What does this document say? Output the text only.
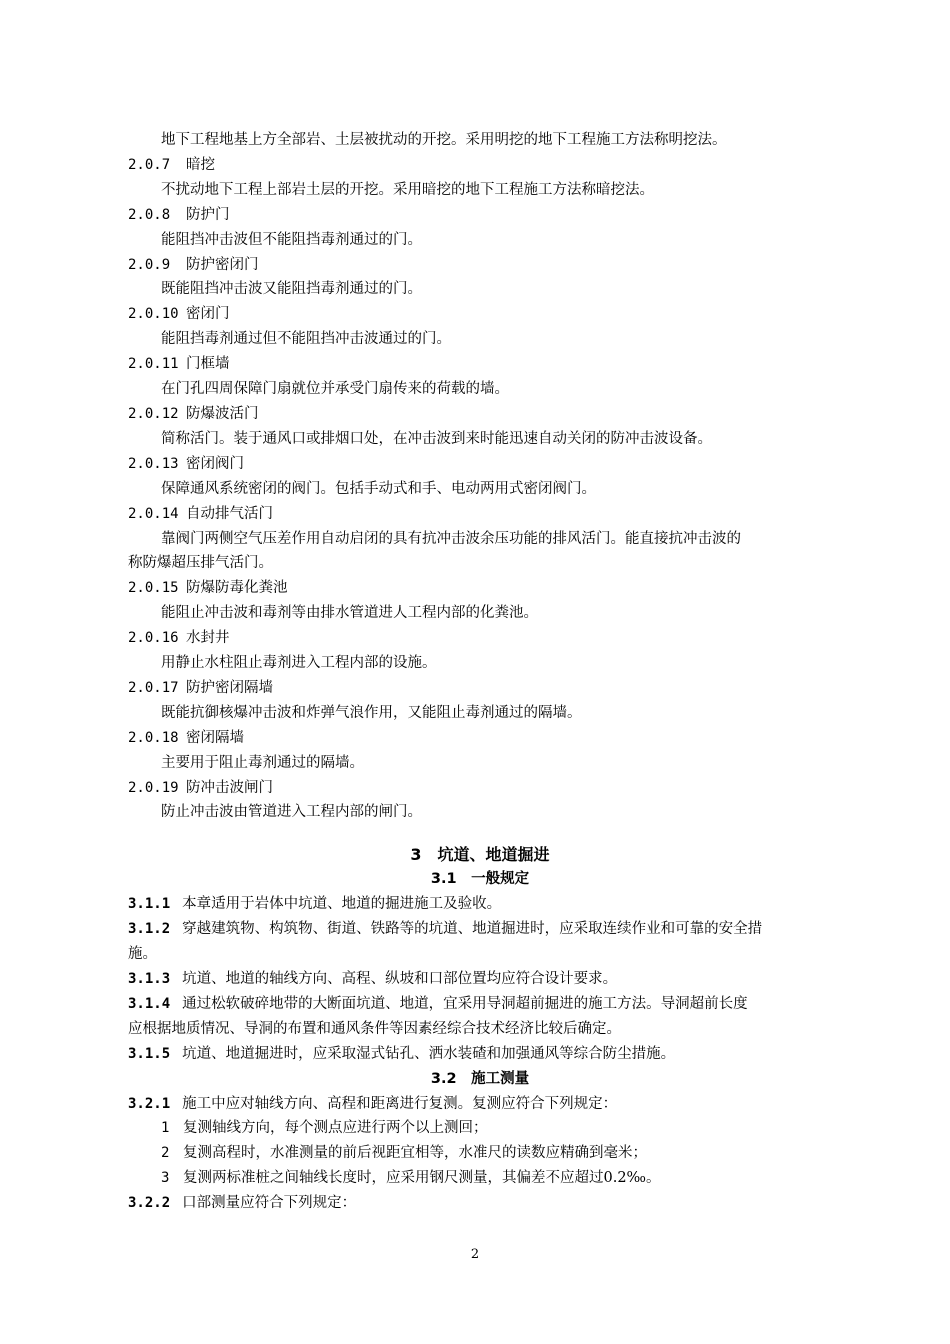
地下工程地基上方全部岩、土层被扰动的开挖。采用明挖的地下工程施工方法称明挖法。
2.0.7 暗挖
不扰动地下工程上部岩土层的开挖。采用暗挖的地下工程施工方法称暗挖法。
2.0.8 防护门
能阻挡冲击波但不能阻挡毒剂通过的门。
2.0.9 防护密闭门
既能阻挡冲击波又能阻挡毒剂通过的门。
2.0.10 密闭门
能阻挡毒剂通过但不能阻挡冲击波通过的门。
2.0.11 门框墙
在门孔四周保障门扇就位并承受门扇传来的荷载的墙。
2.0.12 防爆波活门
简称活门。装于通风口或排烟口处，在冲击波到来时能迅速自动关闭的防冲击波设备。
2.0.13 密闭阀门
保障通风系统密闭的阀门。包括手动式和手、电动两用式密闭阀门。
2.0.14 自动排气活门
靠阀门两侧空气压差作用自动启闭的具有抗冲击波余压功能的排风活门。能直接抗冲击波的
称防爆超压排气活门。
2.0.15 防爆防毒化粪池
能阻止冲击波和毒剂等由排水管道进人工程内部的化粪池。
2.0.16 水封井
用静止水柱阻止毒剂进入工程内部的设施。
2.0.17 防护密闭隔墙
既能抗御核爆冲击波和炸弹气浪作用，又能阻止毒剂通过的隔墙。
2.0.18 密闭隔墙
主要用于阻止毒剂通过的隔墙。
2.0.19 防冲击波闸门
防止冲击波由管道进入工程内部的闸门。
3　坑道、地道掘进
3.1　一般规定
3.1.1 本章适用于岩体中坑道、地道的掘进施工及验收。
3.1.2 穿越建筑物、构筑物、街道、铁路等的坑道、地道掘进时，应采取连续作业和可靠的安全措
施。
3.1.3 坑道、地道的轴线方向、高程、纵坡和口部位置均应符合设计要求。
3.1.4 通过松软破碎地带的大断面坑道、地道，宜采用导洞超前掘进的施工方法。导洞超前长度
应根据地质情况、导洞的布置和通风条件等因素经综合技术经济比较后确定。
3.1.5 坑道、地道掘进时，应采取湿式钻孔、洒水装碴和加强通风等综合防尘措施。
3.2　施工测量
3.2.1 施工中应对轴线方向、高程和距离进行复测。复测应符合下列规定：
1 复测轴线方向，每个测点应进行两个以上测回；
2 复测高程时，水准测量的前后视距宜相等，水准尺的读数应精确到毫米；
3 复测两标准桩之间轴线长度时，应采用钢尺测量，其偏差不应超过0.2‰。
3.2.2 口部测量应符合下列规定：
2
